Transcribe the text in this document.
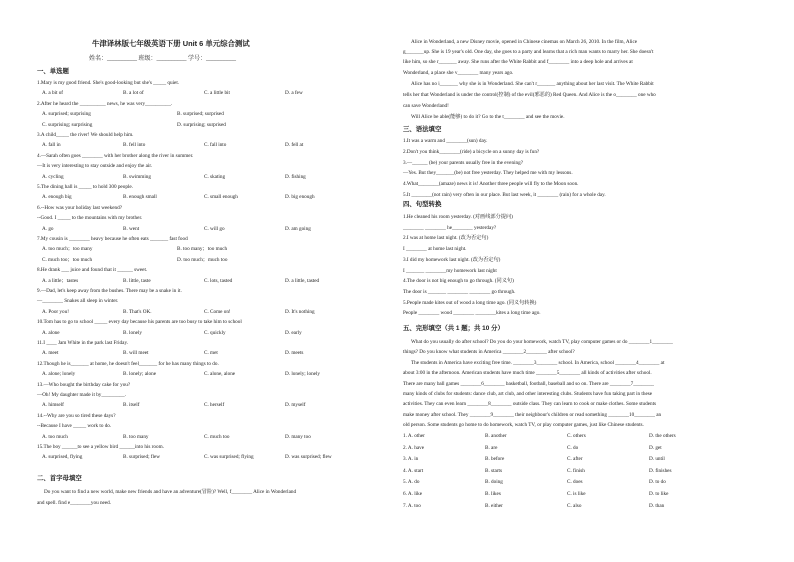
牛津译林版七年级英语下册 Unit 6 单元综合测试
姓名：__________ 班级：__________ 学号：__________
一、单选题
1.Mary is my good friend. She's good-looking but she's _____ quiet.
A. a bit of	B. a lot of	C. a little bit	D. a few
2.After he heard the __________ news, he was very__________.
A. surprised; surprising	B. surprised; surprised
C. surprising; surprising	D. surprising; surprised
3.A child_____ the river! We should help him.
A. fall in	B. fell into	C. fall into	D. fell at
4.—Sarah often goes ________ with her brother along the river in summer.
—It is very interesting to stay outside and enjoy the air.
A. cycling	B. swimming	C. skating	D. fishing
5.The dining hall is _____ to hold 300 people.
A. enough big	B. enough small	C. small enough	D. big enough
6.--How was your holiday last weekend?
--Good. I _____ to the mountains with my brother.
A. go	B. went	C. will go	D. am going
7.My cousin is ________ heavy because he often eats _______ fast food
A. too much；too many	B. too many；too much
C. much too；too much	D. too much；much too
8.He drank ___ juice and found that it ______ sweet.
A. a little；tastes	B. little, taste	C. lots, tasted	D. a little, tasted
9.—Dad, let's keep away from the bushes. There may be a snake in it.
—________ Snakes all sleep in winter.
A. Poor you!	B. That's OK.	C. Come on!	D. It's nothing
10.Tom has to go to school _____ every day because his parents are too busy to take him to school
A. alone	B. lonely	C. quickly	D. early
11.I ____ Jam White in the park last Friday.
A. meet	B. will meet	C. met	D. meets
12.Though he is_______ at home, he doesn't feel_______ for he has many things to do.
A. alone; lonely	B. lonely; alone	C. alone, alone	D. lonely; lonely
13.—Who bought the birthday cake for you?
—Oh! My daughter made it by_________.
A. himself	B. itself	C. herself	D. myself
14.--Why are you so tired these days?
--Because I have _____ work to do.
A. too much	B. too many	C. much too	D. many too
15.The boy ______to see a yellow bird ______into his room.
A. surprised, flying	B. surprised; flew	C. was surprised; flying	D. was surprised; flew
二、首字母填空
Do you want to find a new world, make new friends and have an adventure(冒险)? Well, f________ Alice in Wonderland
and spell. find e________you need.
Alice in Wonderland, a new Disney movie, opened in Chinese cinemas on March 26, 2010. In the film, Alice
g_______up. She is 19 year's old. One day, she goes to a party and learns that a rich man wants to marry her. She doesn't
like him, so she r_______ away. She runs after the White Rabbit and f________ into a deep hole and arrives at
Wonderland, a place she v________ many years ago.
Alice has no i_______ why she is in Wonderland. She can't r_______ anything about her last visit. The White Rabbit
tells her that Wonderland is under the control(控制) of the evil(邪恶的) Red Queen. And Alice is the o________ one who
can save Wonderland!
Will Alice be able(能够) to do it? Go to the t________ and see the movie.
三、语法填空
1.It was a warm and ________(sun) day.
2.Don't you think________(ride) a bicycle on a sunny day is fun?
3.—______ (be) your parents usually free in the evening?
—Yes. But they_______(be) not free yesterday. They helped me with my lessons.
4.What________(amaze) news it is! Another three people will fly to the Moon soon.
5.It ________(not rain) very often in our place. But last week, it ________ (rain) for a whole day.
四、句型转换
1.He cleaned his room yesterday. (对画线部分提问)
________ ________ he________ yesterday?
2.I was at home last night. (改为否定句)
I ________ at home last night.
3.I did my homework last night. (改为否定句)
I _______ ________my homework last night
4.The door is not big enough to go through. (同义句)
The door is _______ ________ ________ go through.
5.People made kites out of wood a long time ago. (同义句转换)
People ________ wood ________ ________kites a long time ago.
五、完形填空（共 1 题；共 10 分）
What do you usually do after school? Do you do your homework, watch TV, play computer games or do ________1________
things? Do you know what students in America ________2________ after school?
The students in America have exciting free time. ________3________ school. In America, school ________4________ at
about 3:00 in the afternoon. American students have much time ________5________ all kinds of activities after school.
There are many ball games ________6________ basketball, football, baseball and so on. There are ________7________
many kinds of clubs for students: dance club, art club, and other interesting clubs. Students have fun taking part in these
activities. They can even learn ________8________ outside class. They can learn to cook or make clothes. Some students
make money after school. They ________9________ their neighbour's children or read something ________10________ an
old person. Some students go home to do homework, watch TV, or play computer games, just like Chinese students.
1. A. other	B. another	C. others	D. the others
2. A. have	B. are	C. do	D. get
3. A. in	B. before	C. after	D. until
4. A. start	B. starts	C. finish	D. finishes
5. A. do	B. doing	C. does	D. to do
6. A. like	B. likes	C. is like	D. to like
7. A. too	B. either	C. also	D. than
